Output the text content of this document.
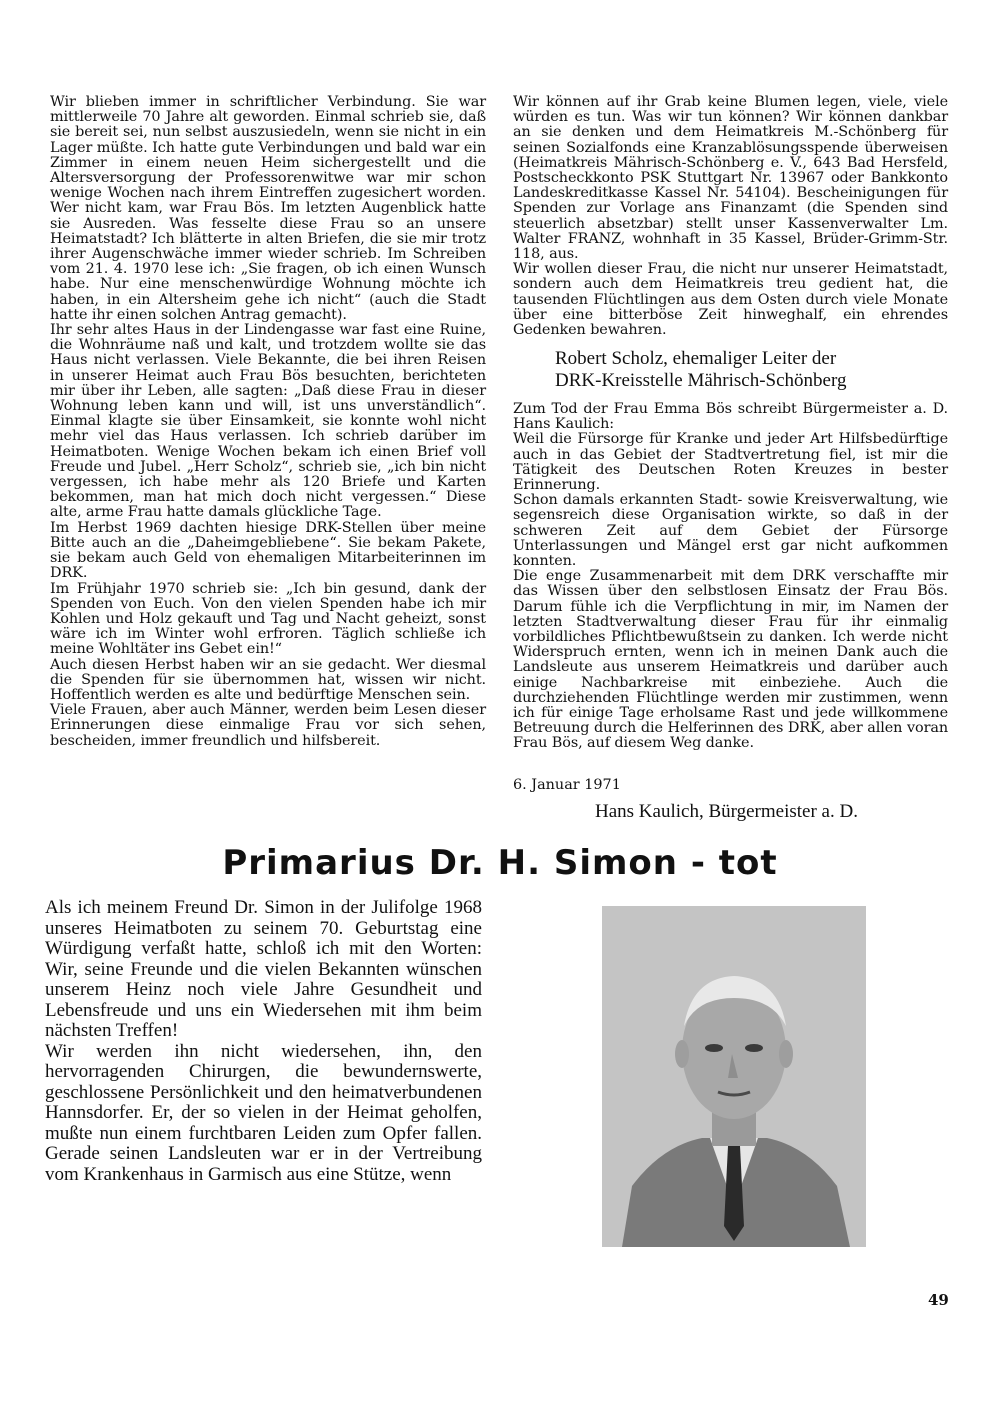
Wir blieben immer in schriftlicher Verbindung. Sie war mittlerweile 70 Jahre alt geworden. Einmal schrieb sie, daß sie bereit sei, nun selbst auszusiedeln, wenn sie nicht in ein Lager müßte. Ich hatte gute Verbindungen und bald war ein Zimmer in einem neuen Heim sichergestellt und die Altersversorgung der Professorenwitwe war mir schon wenige Wochen nach ihrem Eintreffen zugesichert worden. Wer nicht kam, war Frau Bös. Im letzten Augenblick hatte sie Ausreden. Was fesselte diese Frau so an unsere Heimatstadt? Ich blätterte in alten Briefen, die sie mir trotz ihrer Augenschwäche immer wieder schrieb. Im Schreiben vom 21. 4. 1970 lese ich: „Sie fragen, ob ich einen Wunsch habe. Nur eine menschenwürdige Wohnung möchte ich haben, in ein Altersheim gehe ich nicht“ (auch die Stadt hatte ihr einen solchen Antrag gemacht).

Ihr sehr altes Haus in der Lindengasse war fast eine Ruine, die Wohnräume naß und kalt, und trotzdem wollte sie das Haus nicht verlassen. Viele Bekannte, die bei ihren Reisen in unserer Heimat auch Frau Bös besuchten, berichteten mir über ihr Leben, alle sagten: „Daß diese Frau in dieser Wohnung leben kann und will, ist uns unverständlich“. Einmal klagte sie über Einsamkeit, sie konnte wohl nicht mehr viel das Haus verlassen. Ich schrieb darüber im Heimatboten. Wenige Wochen bekam ich einen Brief voll Freude und Jubel. „Herr Scholz“, schrieb sie, „ich bin nicht vergessen, ich habe mehr als 120 Briefe und Karten bekommen, man hat mich doch nicht vergessen.“ Diese alte, arme Frau hatte damals glückliche Tage.

Im Herbst 1969 dachten hiesige DRK-Stellen über meine Bitte auch an die „Daheimgebliebene“. Sie bekam Pakete, sie bekam auch Geld von ehemaligen Mitarbeiterinnen im DRK.

Im Frühjahr 1970 schrieb sie: „Ich bin gesund, dank der Spenden von Euch. Von den vielen Spenden habe ich mir Kohlen und Holz gekauft und Tag und Nacht geheizt, sonst wäre ich im Winter wohl erfroren. Täglich schließe ich meine Wohltäter ins Gebet ein!“

Auch diesen Herbst haben wir an sie gedacht. Wer diesmal die Spenden für sie übernommen hat, wissen wir nicht. Hoffentlich werden es alte und bedürftige Menschen sein.

Viele Frauen, aber auch Männer, werden beim Lesen dieser Erinnerungen diese einmalige Frau vor sich sehen, bescheiden, immer freundlich und hilfsbereit.

Wir können auf ihr Grab keine Blumen legen, viele, viele würden es tun. Was wir tun können? Wir können dankbar an sie denken und dem Heimatkreis M.-Schönberg für seinen Sozialfonds eine Kranzablösungsspende überweisen (Heimatkreis Mährisch-Schönberg e. V., 643 Bad Hersfeld, Postscheckkonto PSK Stuttgart Nr. 13967 oder Bankkonto Landeskreditkasse Kassel Nr. 54104). Bescheinigungen für Spenden zur Vorlage ans Finanzamt (die Spenden sind steuerlich absetzbar) stellt unser Kassenverwalter Lm. Walter FRANZ, wohnhaft in 35 Kassel, Brüder-Grimm-Str. 118, aus.

Wir wollen dieser Frau, die nicht nur unserer Heimatstadt, sondern auch dem Heimatkreis treu gedient hat, die tausenden Flüchtlingen aus dem Osten durch viele Monate über eine bitterböse Zeit hinweghalf, ein ehrendes Gedenken bewahren.

Robert Scholz, ehemaliger Leiter der
DRK-Kreisstelle Mährisch-Schönberg

Zum Tod der Frau Emma Bös schreibt Bürgermeister a. D. Hans Kaulich:

Weil die Fürsorge für Kranke und jeder Art Hilfsbedürftige auch in das Gebiet der Stadtvertretung fiel, ist mir die Tätigkeit des Deutschen Roten Kreuzes in bester Erinnerung.

Schon damals erkannten Stadt- sowie Kreisverwaltung, wie segensreich diese Organisation wirkte, so daß in der schweren Zeit auf dem Gebiet der Fürsorge Unterlassungen und Mängel erst gar nicht aufkommen konnten.

Die enge Zusammenarbeit mit dem DRK verschaffte mir das Wissen über den selbstlosen Einsatz der Frau Bös. Darum fühle ich die Verpflichtung in mir, im Namen der letzten Stadtverwaltung dieser Frau für ihr einmalig vorbildliches Pflichtbewußtsein zu danken. Ich werde nicht Widerspruch ernten, wenn ich in meinen Dank auch die Landsleute aus unserem Heimatkreis und darüber auch einige Nachbarkreise mit einbeziehe. Auch die durchziehenden Flüchtlinge werden mir zustimmen, wenn ich für einige Tage erholsame Rast und jede willkommene Betreuung durch die Helferinnen des DRK, aber allen voran Frau Bös, auf diesem Weg danke.

6. Januar 1971

Hans Kaulich, Bürgermeister a. D.

Primarius Dr. H. Simon - tot

Als ich meinem Freund Dr. Simon in der Julifolge 1968 unseres Heimatboten zu seinem 70. Geburtstag eine Würdigung verfaßt hatte, schloß ich mit den Worten: Wir, seine Freunde und die vielen Bekannten wünschen unserem Heinz noch viele Jahre Gesundheit und Lebensfreude und uns ein Wiedersehen mit ihm beim nächsten Treffen!

Wir werden ihn nicht wiedersehen, ihn, den hervorragenden Chirurgen, die bewundernswerte, geschlossene Persönlichkeit und den heimatverbundenen Hannsdorfer. Er, der so vielen in der Heimat geholfen, mußte nun einem furchtbaren Leiden zum Opfer fallen. Gerade seinen Landsleuten war er in der Vertreibung vom Krankenhaus in Garmisch aus eine Stütze, wenn

49
